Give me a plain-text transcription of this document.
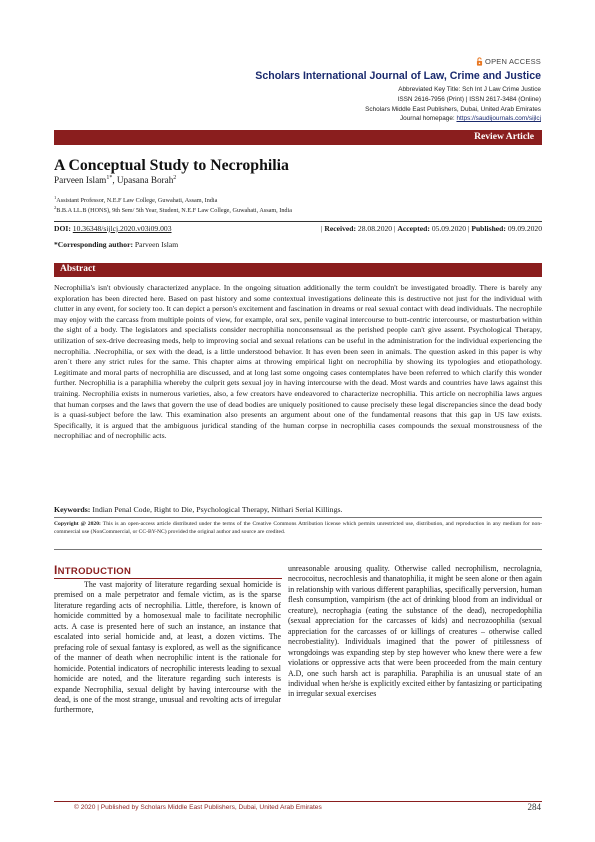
OPEN ACCESS
Scholars International Journal of Law, Crime and Justice
Abbreviated Key Title: Sch Int J Law Crime Justice
ISSN 2616-7956 (Print) | ISSN 2617-3484 (Online)
Scholars Middle East Publishers, Dubai, United Arab Emirates
Journal homepage: https://saudijournals.com/sijlcj
Review Article
A Conceptual Study to Necrophilia
Parveen Islam$^{1*}$, Upasana Borah$^2$
$^1$Assistant Professor, N.E.F Law College, Guwahati, Assam, India
$^2$B.B.A LL.B (HONS), 9th Sem/ 5th Year, Student, N.E.F Law College, Guwahati, Assam, India
DOI: 10.36348/sijlcj.2020.v03i09.003	| Received: 28.08.2020 | Accepted: 05.09.2020 | Published: 09.09.2020
*Corresponding author: Parveen Islam
Abstract
Necrophilia's isn't obviously characterized anyplace. In the ongoing situation additionally the term couldn't be investigated broadly. There is barely any exploration has been directed here. Based on past history and some contextual investigations delineate this is destructive not just for the individual with clutter in any event, for society too. It can depict a person's excitement and fascination in dreams or real sexual contact with dead individuals. The necrophile may enjoy with the carcass from multiple points of view, for example, oral sex, penile vaginal intercourse to butt-centric intercourse, or masturbation within the sight of a body. The legislators and specialists consider necrophilia nonconsensual as the perished people can't give assent. Psychological Therapy, utilization of sex-drive decreasing meds, help to improving social and sexual relations can be useful in the administration for the individual experiencing the necrophilia. .Necrophilia, or sex with the dead, is a little understood behavior. It has even been seen in animals. The question asked in this paper is why aren`t there any strict rules for the same. This chapter aims at throwing empirical light on necrophilia by showing its typologies and etiopathology. Legitimate and moral parts of necrophilia are discussed, and at long last some ongoing cases contemplates have been referred to which clarify this wonder further. Necrophilia is a paraphilia whereby the culprit gets sexual joy in having intercourse with the dead. Most wards and countries have laws against this training. Necrophilia exists in numerous varieties, also, a few creators have endeavored to characterize necrophilia. This article on necrophilia laws argues that human corpses and the laws that govern the use of dead bodies are uniquely positioned to cause precisely these legal discrepancies since the dead body is a quasi-subject before the law. This examination also presents an argument about one of the fundamental reasons that this gap in US law exists. Specifically, it is argued that the ambiguous juridical standing of the human corpse in necrophilia cases compounds the sexual monstrousness of the necrophiliac and of necrophilic acts.
Keywords: Indian Penal Code, Right to Die, Psychological Therapy, Nithari Serial Killings.
Copyright @ 2020: This is an open-access article distributed under the terms of the Creative Commons Attribution license which permits unrestricted use, distribution, and reproduction in any medium for non-commercial use (NonCommercial, or CC-BY-NC) provided the original author and source are credited.
INTRODUCTION
The vast majority of literature regarding sexual homicide is premised on a male perpetrator and female victim, as is the sparse literature regarding acts of necrophilia. Little, therefore, is known of homicide committed by a homosexual male to facilitate necrophilic acts. A case is presented here of such an instance, an instance that escalated into serial homicide and, at least, a dozen victims. The prefacing role of sexual fantasy is explored, as well as the significance of the manner of death when necrophilic intent is the rationale for homicide. Potential indicators of necrophilic interests leading to sexual homicide are noted, and the literature regarding such interests is expande Necrophilia, sexual delight by having intercourse with the dead, is one of the most strange, unusual and revolting acts of irregular furthermore,
unreasonable arousing quality. Otherwise called necrophilism, necrolagnia, necrocoitus, necrochlesis and thanatophilia, it might be seen alone or then again in relationship with various different paraphilias, specifically perversion, human flesh consumption, vampirism (the act of drinking blood from an individual or creature), necrophagia (eating the substance of the dead), necropedophilia (sexual appreciation for the carcasses of kids) and necrozoophilia (sexual appreciation for the carcasses of or killings of creatures – otherwise called necrobestiality). Individuals imagined that the power of pitilessness of wrongdoings was expanding step by step however who knew there were a few violations or oppressive acts that were been proceeded from the main century A.D, one such harsh act is paraphilia. Paraphilia is an unusual state of an individual when he/she is explicitly excited either by fantasizing or participating in irregular sexual exercises
© 2020 | Published by Scholars Middle East Publishers, Dubai, United Arab Emirates	284
